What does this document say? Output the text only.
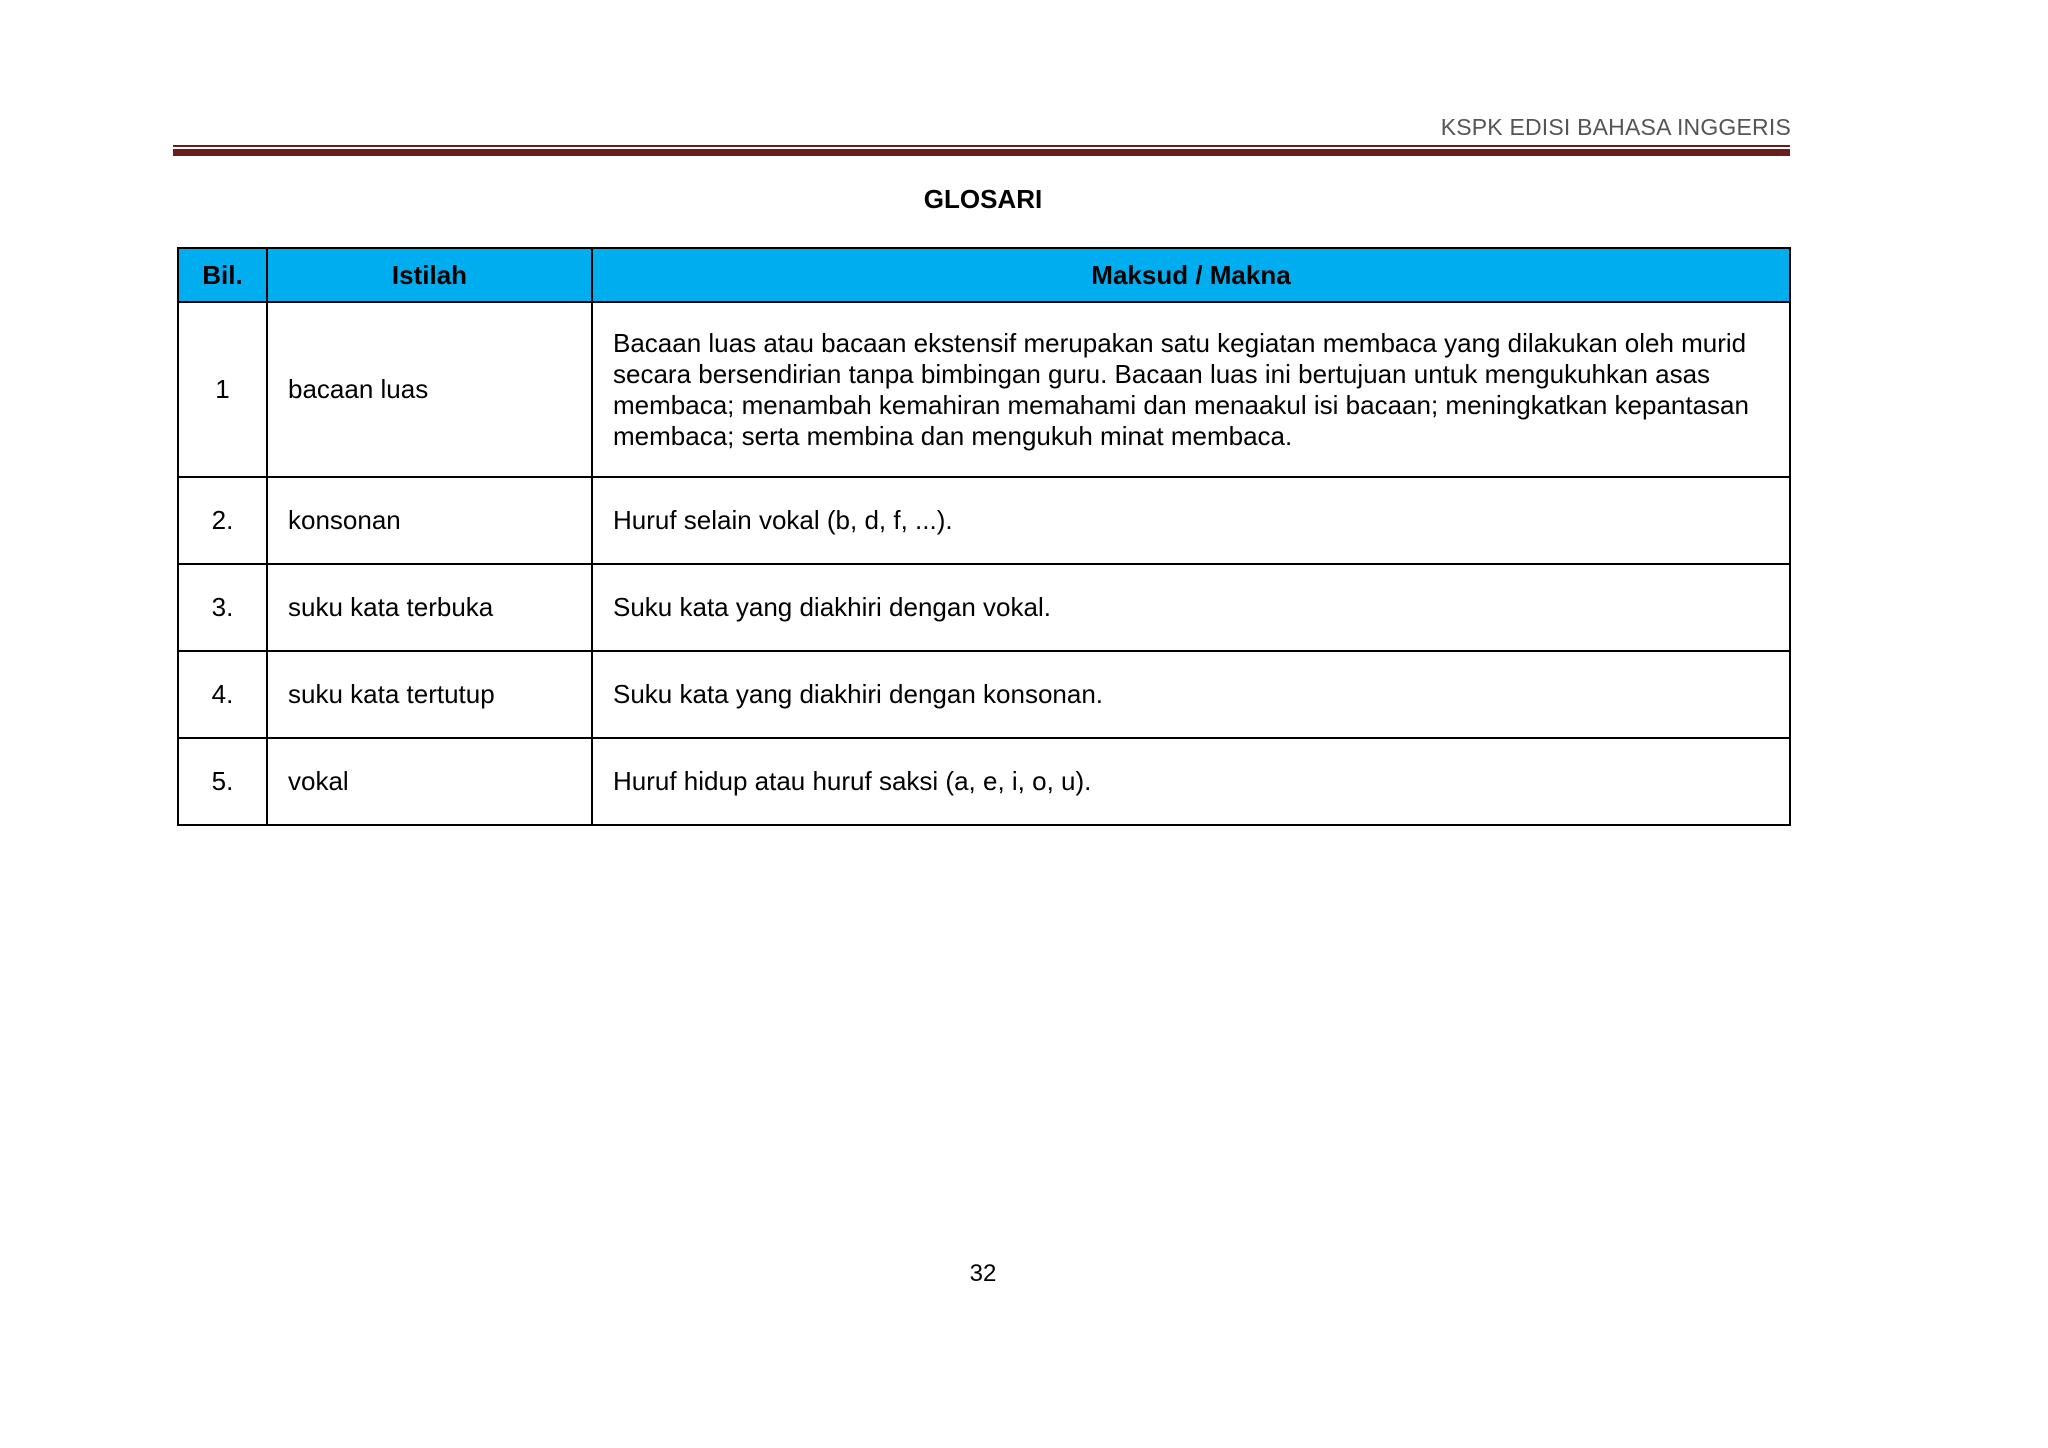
KSPK EDISI BAHASA INGGERIS
GLOSARI
Bil.	Istilah	Maksud / Makna
1	bacaan luas	Bacaan luas atau bacaan ekstensif merupakan satu kegiatan membaca yang dilakukan oleh murid secara bersendirian tanpa bimbingan guru. Bacaan luas ini bertujuan untuk mengukuhkan asas membaca; menambah kemahiran memahami dan menaakul isi bacaan; meningkatkan kepantasan membaca; serta membina dan mengukuh minat membaca.
2.	konsonan	Huruf selain vokal (b, d, f, ...).
3.	suku kata terbuka	Suku kata yang diakhiri dengan vokal.
4.	suku kata tertutup	Suku kata yang diakhiri dengan konsonan.
5.	vokal	Huruf hidup atau huruf saksi (a, e, i, o, u).
32
